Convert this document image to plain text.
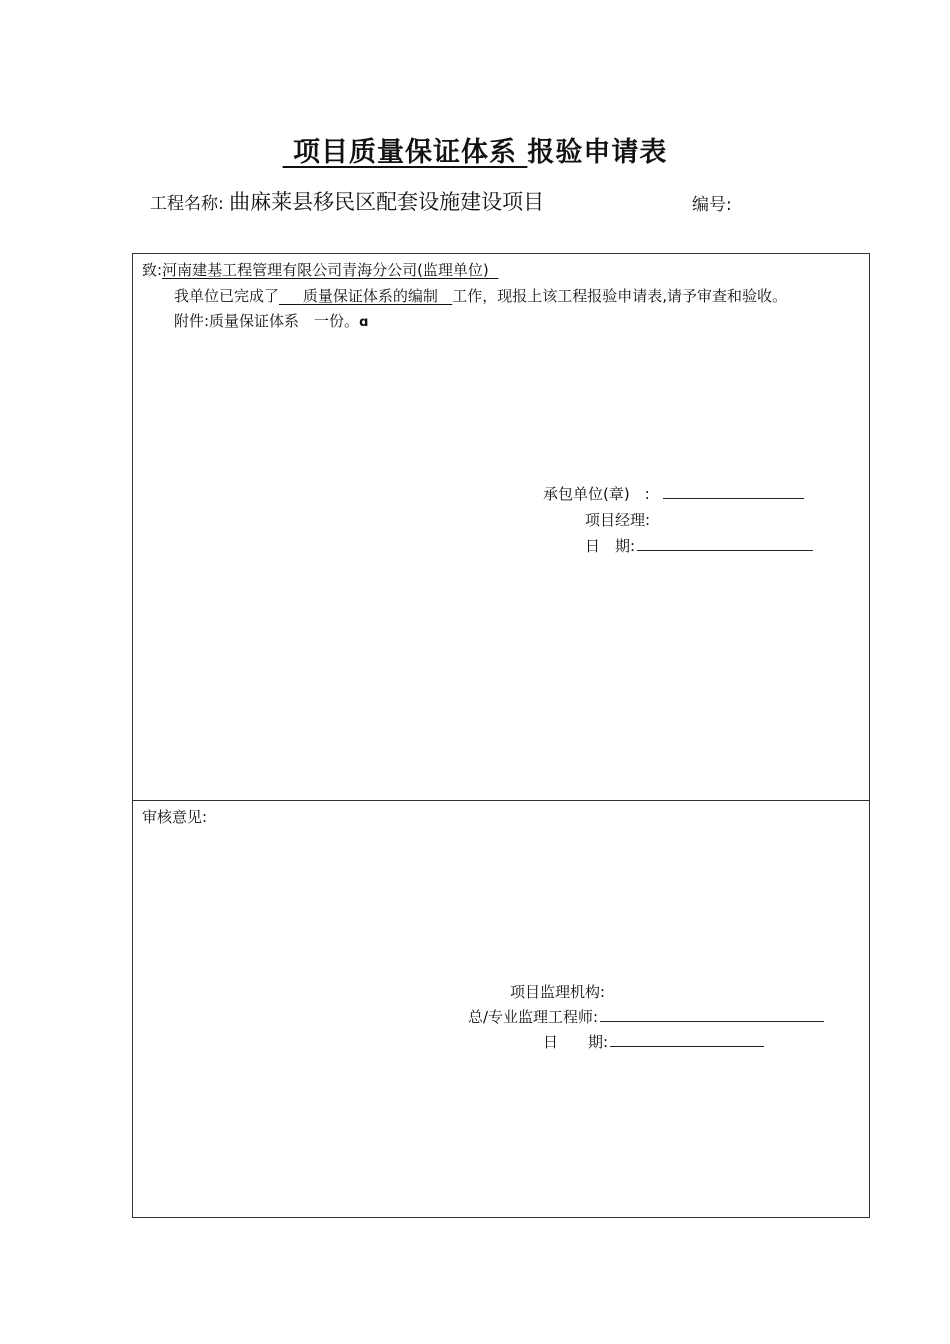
项目质量保证体系 报验申请表
工程名称: 曲麻莱县移民区配套设施建设项目	编号:
致:河南建基工程管理有限公司青海分公司(监理单位)
我单位已完成了 质量保证体系的编制 工作，现报上该工程报验申请表,请予审查和验收。
附件:质量保证体系　一份。ɑ
承包单位(章)　:
项目经理:
日　期:
审核意见:
项目监理机构:
总/专业监理工程师:
日　　期:
